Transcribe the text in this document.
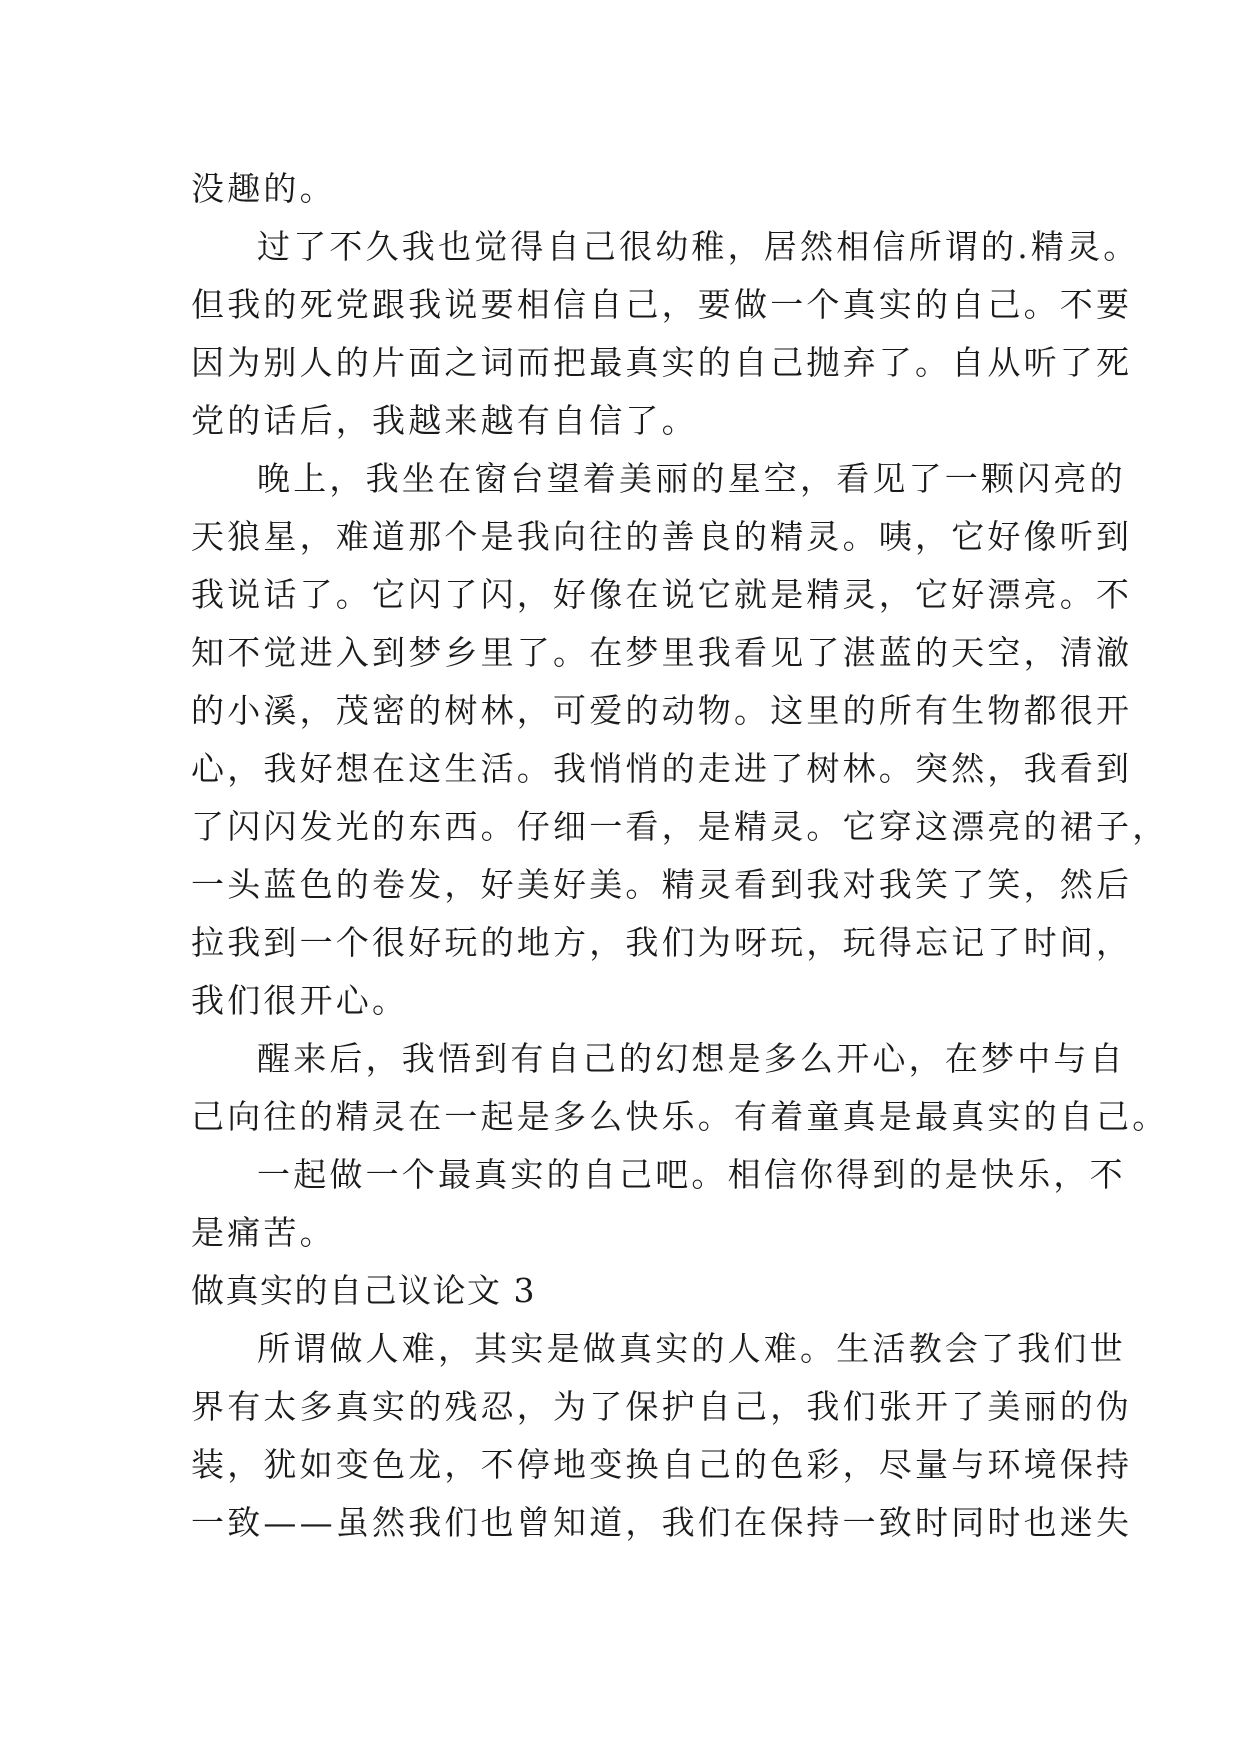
没趣的。
过了不久我也觉得自己很幼稚，居然相信所谓的.精灵。
但我的死党跟我说要相信自己，要做一个真实的自己。不要
因为别人的片面之词而把最真实的自己抛弃了。自从听了死
党的话后，我越来越有自信了。
晚上，我坐在窗台望着美丽的星空，看见了一颗闪亮的
天狼星，难道那个是我向往的善良的精灵。咦，它好像听到
我说话了。它闪了闪，好像在说它就是精灵，它好漂亮。不
知不觉进入到梦乡里了。在梦里我看见了湛蓝的天空，清澈
的小溪，茂密的树林，可爱的动物。这里的所有生物都很开
心，我好想在这生活。我悄悄的走进了树林。突然，我看到
了闪闪发光的东西。仔细一看，是精灵。它穿这漂亮的裙子，
一头蓝色的卷发，好美好美。精灵看到我对我笑了笑，然后
拉我到一个很好玩的地方，我们为呀玩，玩得忘记了时间，
我们很开心。
醒来后，我悟到有自己的幻想是多么开心，在梦中与自
己向往的精灵在一起是多么快乐。有着童真是最真实的自己。
一起做一个最真实的自己吧。相信你得到的是快乐，不
是痛苦。
做真实的自己议论文 3
所谓做人难，其实是做真实的人难。生活教会了我们世
界有太多真实的残忍，为了保护自己，我们张开了美丽的伪
装，犹如变色龙，不停地变换自己的色彩，尽量与环境保持
一致——虽然我们也曾知道，我们在保持一致时同时也迷失
